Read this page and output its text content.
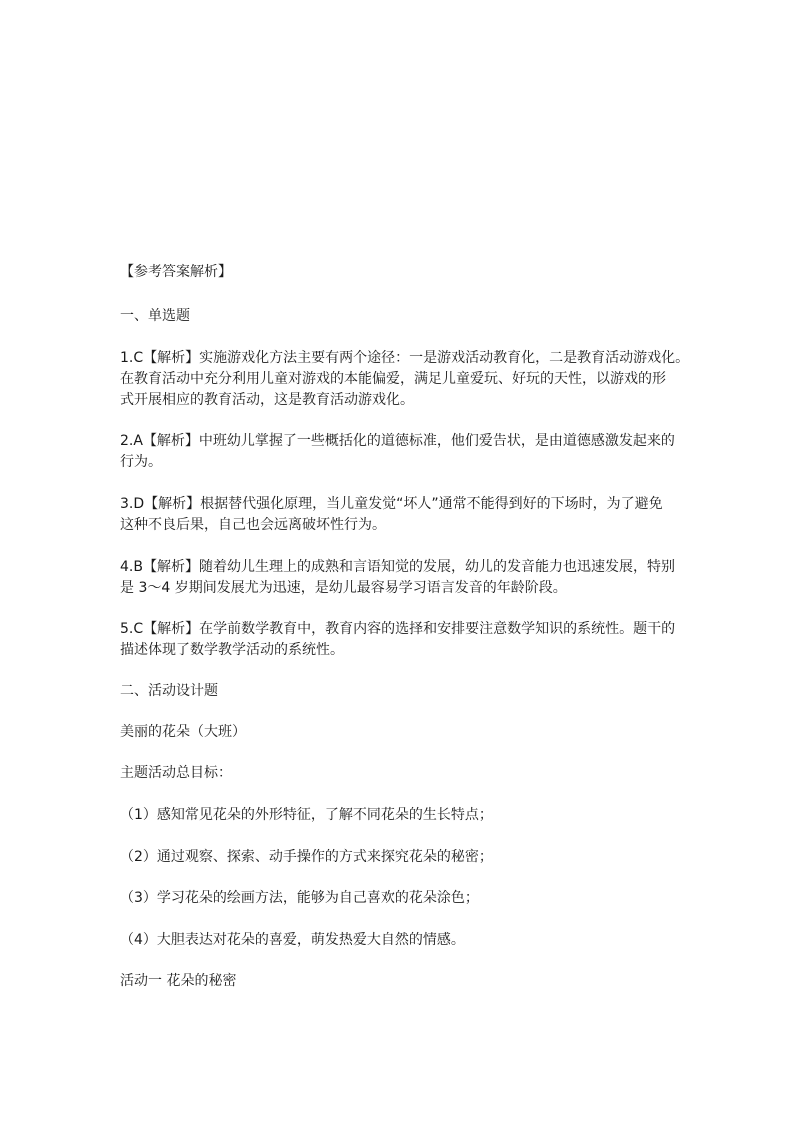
【参考答案解析】
一、单选题
1.C【解析】实施游戏化方法主要有两个途径：一是游戏活动教育化，二是教育活动游戏化。
在教育活动中充分利用儿童对游戏的本能偏爱，满足儿童爱玩、好玩的天性，以游戏的形
式开展相应的教育活动，这是教育活动游戏化。
2.A【解析】中班幼儿掌握了一些概括化的道德标准，他们爱告状，是由道德感激发起来的
行为。
3.D【解析】根据替代强化原理，当儿童发觉“坏人”通常不能得到好的下场时，为了避免
这种不良后果，自己也会远离破坏性行为。
4.B【解析】随着幼儿生理上的成熟和言语知觉的发展，幼儿的发音能力也迅速发展，特别
是 3～4 岁期间发展尤为迅速，是幼儿最容易学习语言发音的年龄阶段。
5.C【解析】在学前数学教育中，教育内容的选择和安排要注意数学知识的系统性。题干的
描述体现了数学教学活动的系统性。
二、活动设计题
美丽的花朵（大班）
主题活动总目标：
（1）感知常见花朵的外形特征，了解不同花朵的生长特点；
（2）通过观察、探索、动手操作的方式来探究花朵的秘密；
（3）学习花朵的绘画方法，能够为自己喜欢的花朵涂色；
（4）大胆表达对花朵的喜爱，萌发热爱大自然的情感。
活动一 花朵的秘密
